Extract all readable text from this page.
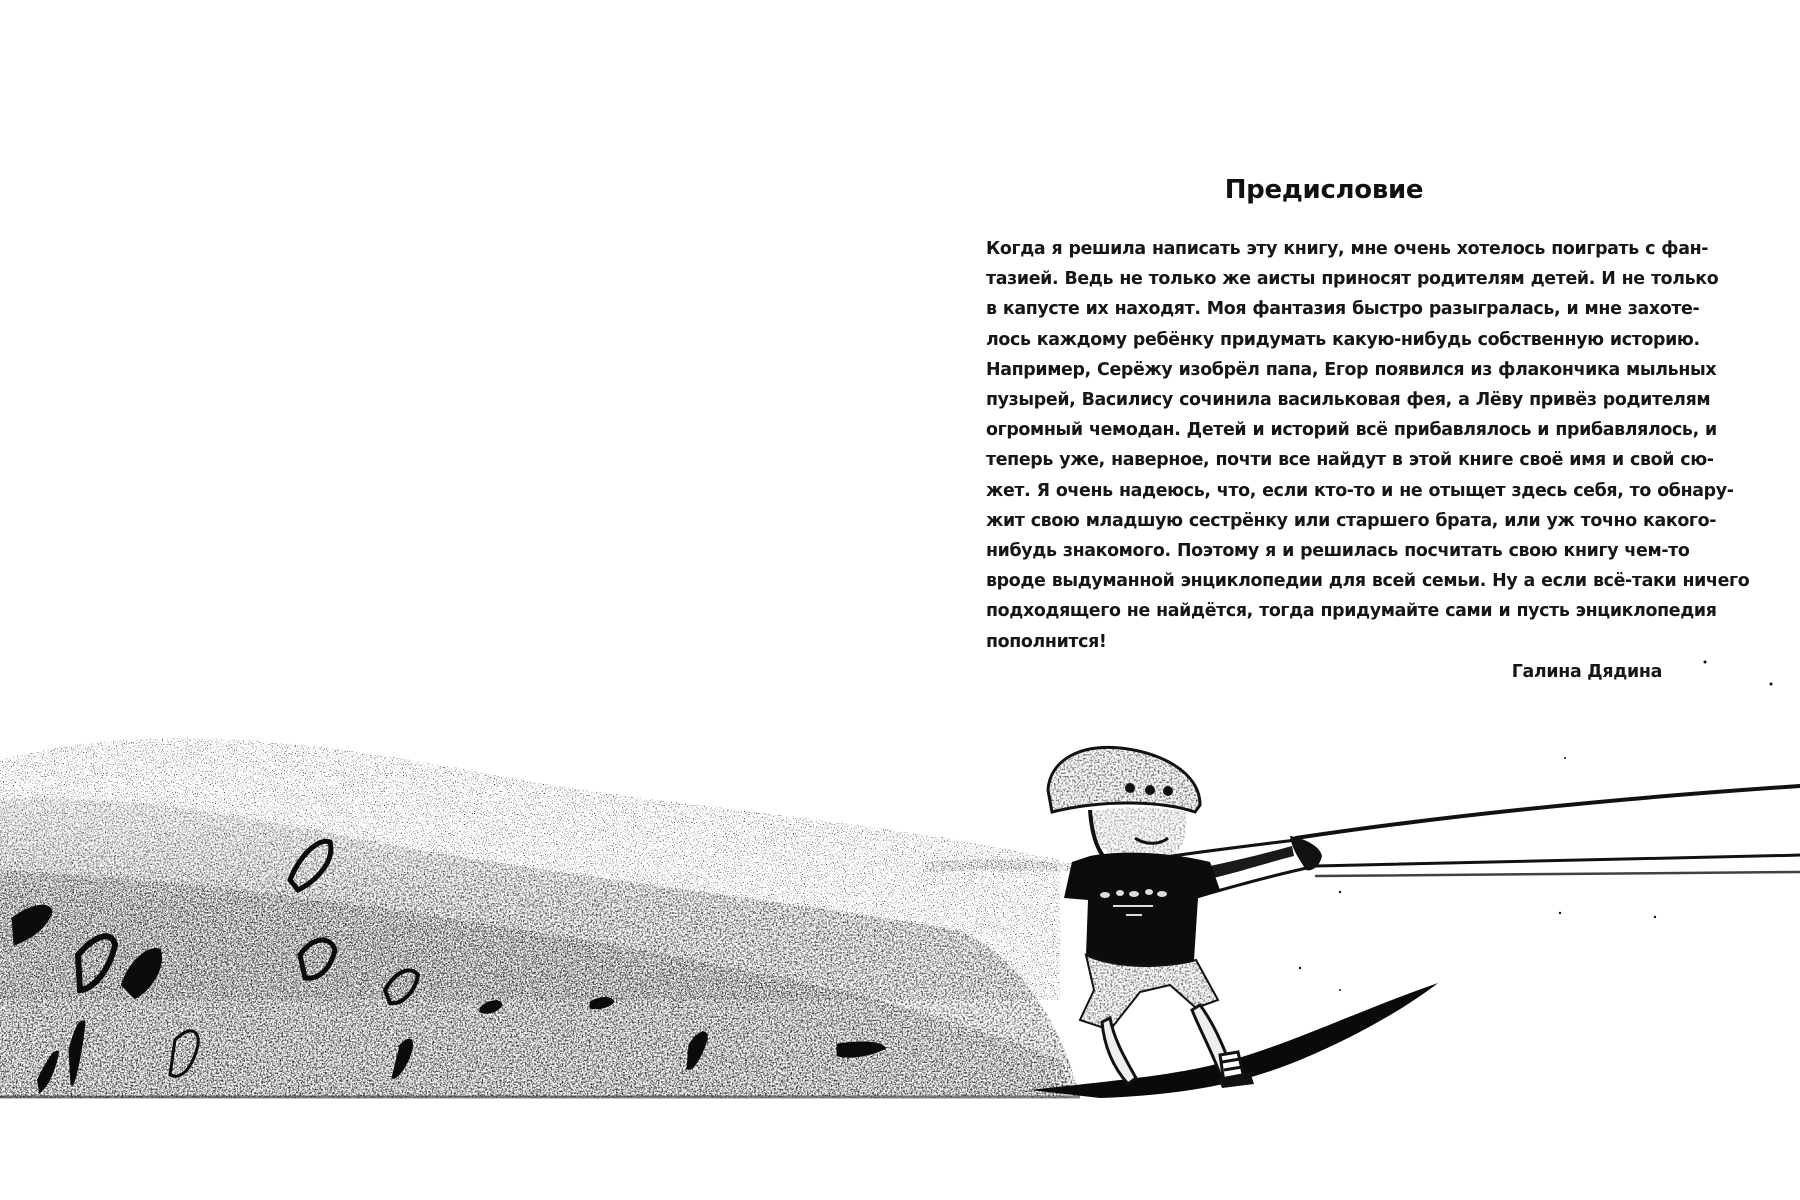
Предисловие

Когда я решила написать эту книгу, мне очень хотелось поиграть с фан-
тазией. Ведь не только же аисты приносят родителям детей. И не только
в капусте их находят. Моя фантазия быстро разыгралась, и мне захоте-
лось каждому ребёнку придумать какую-нибудь собственную историю.
Например, Серёжу изобрёл папа, Егор появился из флакончика мыльных
пузырей, Василису сочинила васильковая фея, а Лёву привёз родителям
огромный чемодан. Детей и историй всё прибавлялось и прибавлялось, и
теперь уже, наверное, почти все найдут в этой книге своё имя и свой сю-
жет. Я очень надеюсь, что, если кто-то и не отыщет здесь себя, то обнару-
жит свою младшую сестрёнку или старшего брата, или уж точно какого-
нибудь знакомого. Поэтому я и решилась посчитать свою книгу чем-то
вроде выдуманной энциклопедии для всей семьи. Ну а если всё-таки ничего
подходящего не найдётся, тогда придумайте сами и пусть энциклопедия
пополнится!

Галина Дядина
